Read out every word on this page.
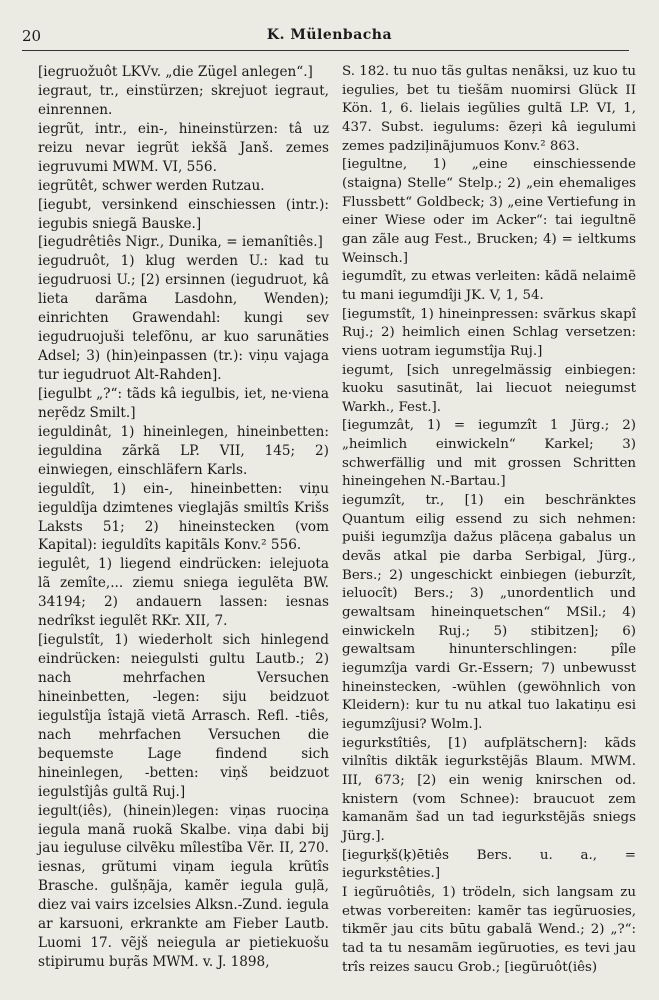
20	K. Mülenbacha

[iegruožuôt LKVv. „die Zügel anlegen“.]

iegraut, tr., einstürzen; skrejuot iegraut, einrennen.

iegrũt, intr., ein-, hineinstürzen: tâ uz reizu nevar iegrũt iekšã Janš. zemes iegruvumi MWM. VI, 556.

iegrũtêt, schwer werden Rutzau.

[iegubt, versinkend einschiessen (intr.): iegubis sniegã Bauske.]

[iegudrêtiês Nigr., Dunika, = iemanîtiês.]

iegudruôt, 1) klug werden U.: kad tu iegudruosi U.; [2) ersinnen (iegudruot, kâ lieta darãma Lasdohn, Wenden); einrichten Grawendahl: kungi sev iegudruojuši telefõnu, ar kuo sarunãties Adsel; 3) (hin)einpassen (tr.): viņu vajaga tur iegudruot Alt-Rahden].

[iegulbt „?“: tãds kâ iegulbis, iet, ne·viena neŗẽdz Smilt.]

ieguldinât, 1) hineinlegen, hineinbetten: ieguldina zãrkã LP. VII, 145; 2) einwiegen, einschläfern Karls.

ieguldît, 1) ein-, hineinbetten: viņu ieguldîja dzimtenes vieglajãs smiltîs Krišs Laksts 51; 2) hineinstecken (vom Kapital): ieguldîts kapitãls Konv.² 556.

iegulêt, 1) liegend eindrücken: ielejuota lã zemîte,... ziemu sniega iegulẽta BW. 34194; 2) andauern lassen: iesnas nedrîkst iegulẽt RKr. XII, 7.

[iegulstît, 1) wiederholt sich hinlegend eindrücken: neiegulsti gultu Lautb.; 2) nach mehrfachen Versuchen hineinbetten, -legen: siju beidzuot iegulstîja îstajã vietã Arrasch. Refl. -tiês, nach mehrfachen Versuchen die bequemste Lage findend sich hineinlegen, -betten: viņš beidzuot iegulstîjâs gultã Ruj.]

iegult(iês), (hinein)legen: viņas ruociņa iegula manã ruokã Skalbe. viņa dabi bij jau ieguluse cilvẽku mîlestîba Vẽr. II, 270. iesnas, grũtumi viņam iegula krũtîs Brasche. gulšņãja, kamẽr iegula guļã, diez vai vairs izcelsies Alksn.-Zund. iegula ar karsuoni, erkrankte am Fieber Lautb. Luomi 17. vẽjš neiegula ar pietiekuošu stipirumu buŗãs MWM. v. J. 1898,

S. 182. tu nuo tãs gultas nenãksi, uz kuo tu iegulies, bet tu tiešãm nuomirsi Glück II Kön. 1, 6. lielais iegũlies gultã LP. VI, 1, 437. Subst. iegulums: ẽzeŗi kâ iegulumi zemes padziļinãjumuos Konv.² 863.

[iegultne, 1) „eine einschiessende (staigna) Stelle“ Stelp.; 2) „ein ehemaliges Flussbett“ Goldbeck; 3) „eine Vertiefung in einer Wiese oder im Acker“: tai iegultnẽ gan zãle aug Fest., Brucken; 4) = ieltkums Weinsch.]

iegumdît, zu etwas verleiten: kãdã nelaimẽ tu mani iegumdîji JK. V, 1, 54.

[iegumstît, 1) hineinpressen: svãrkus skapî Ruj.; 2) heimlich einen Schlag versetzen: viens uotram iegumstîja Ruj.]

iegumt, [sich unregelmässig einbiegen: kuoku sasutinãt, lai liecuot neiegumst Warkh., Fest.].

[iegumzât, 1) = iegumzît 1 Jürg.; 2) „heimlich einwickeln“ Karkel; 3) schwerfällig und mit grossen Schritten hineingehen N.-Bartau.]

iegumzît, tr., [1) ein beschränktes Quantum eilig essend zu sich nehmen: puiši iegumzîja dažus plãceņa gabalus un devãs atkal pie darba Serbigal, Jürg., Bers.; 2) ungeschickt einbiegen (ieburzît, ieluocît) Bers.; 3) „unordentlich und gewaltsam hineinquetschen“ MSil.; 4) einwickeln Ruj.; 5) stibitzen]; 6) gewaltsam hinunterschlingen: pîle iegumzîja vardi Gr.-Essern; 7) unbewusst hineinstecken, -wühlen (gewöhnlich von Kleidern): kur tu nu atkal tuo lakatiņu esi iegumzîjusi? Wolm.].

iegurkstîtiês, [1) aufplätschern]: kãds vilnîtis diktãk iegurkstẽjãs Blaum. MWM. III, 673; [2) ein wenig knirschen od. knistern (vom Schnee): braucuot zem kamanãm šad un tad iegurkstẽjãs sniegs Jürg.].

[iegurķš(ķ)ētiês Bers. u. a., = iegurkstêties.]

I iegũruôtiês, 1) trödeln, sich langsam zu etwas vorbereiten: kamẽr tas iegũruosies, tikmẽr jau cits būtu gabalã Wend.; 2) „?“: tad ta tu nesamãm iegũruoties, es tevi jau trîs reizes saucu Grob.; [iegũruôt(iês)
